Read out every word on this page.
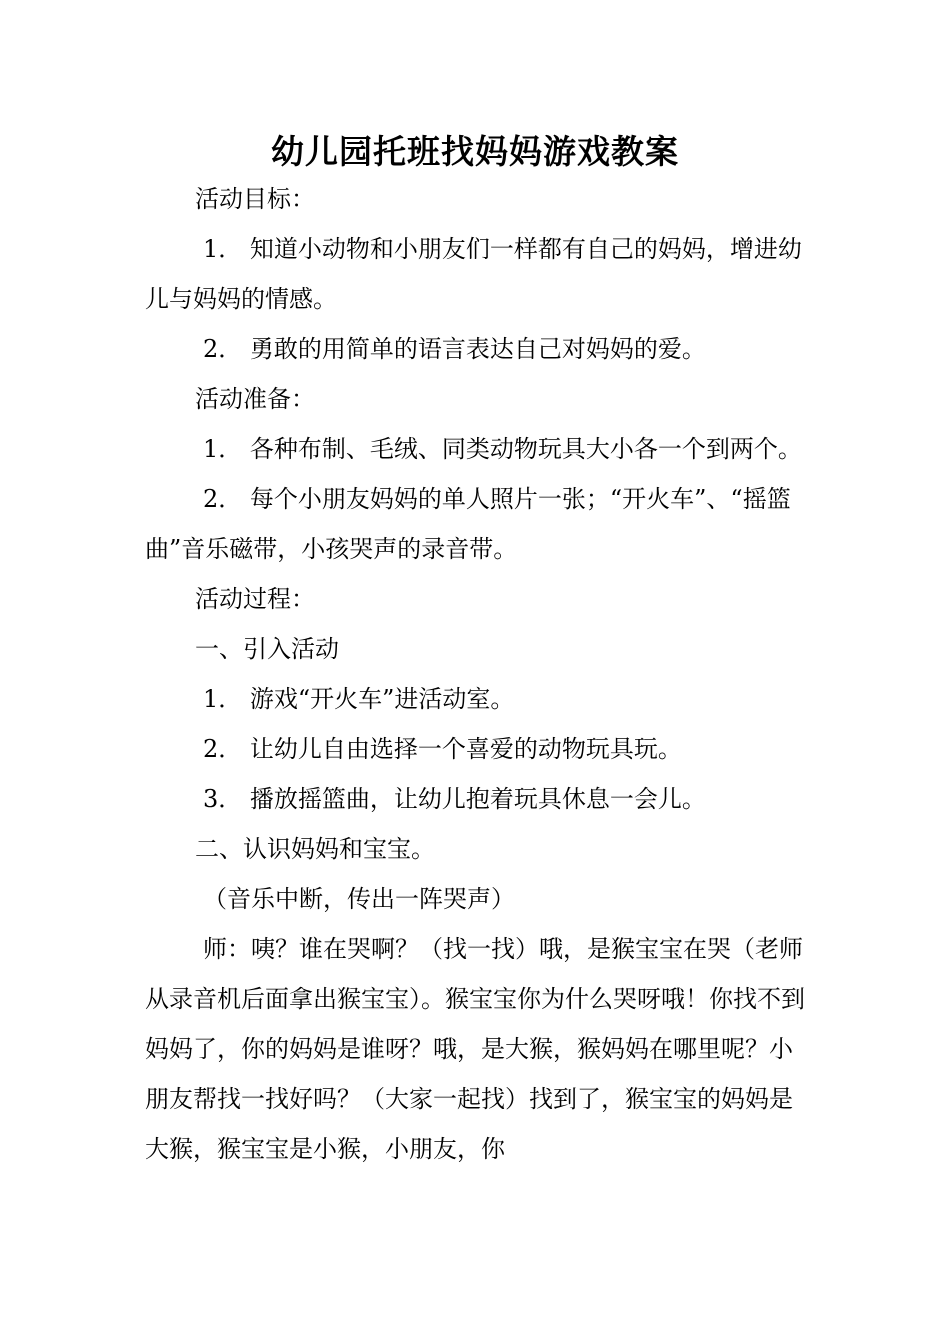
幼儿园托班找妈妈游戏教案

活动目标：

1． 知道小动物和小朋友们一样都有自己的妈妈，增进幼儿与妈妈的情感。

2． 勇敢的用简单的语言表达自己对妈妈的爱。

活动准备：

1． 各种布制、毛绒、同类动物玩具大小各一个到两个。

2． 每个小朋友妈妈的单人照片一张；“开火车”、“摇篮曲”音乐磁带，小孩哭声的录音带。

活动过程：

一、引入活动

1． 游戏“开火车”进活动室。

2． 让幼儿自由选择一个喜爱的动物玩具玩。

3． 播放摇篮曲，让幼儿抱着玩具休息一会儿。

二、认识妈妈和宝宝。

（音乐中断，传出一阵哭声）

师：咦？谁在哭啊？（找一找）哦，是猴宝宝在哭（老师从录音机后面拿出猴宝宝）。猴宝宝你为什么哭呀哦！你找不到妈妈了，你的妈妈是谁呀？哦，是大猴，猴妈妈在哪里呢？小朋友帮找一找好吗？（大家一起找）找到了，猴宝宝的妈妈是大猴，猴宝宝是小猴，小朋友，你
